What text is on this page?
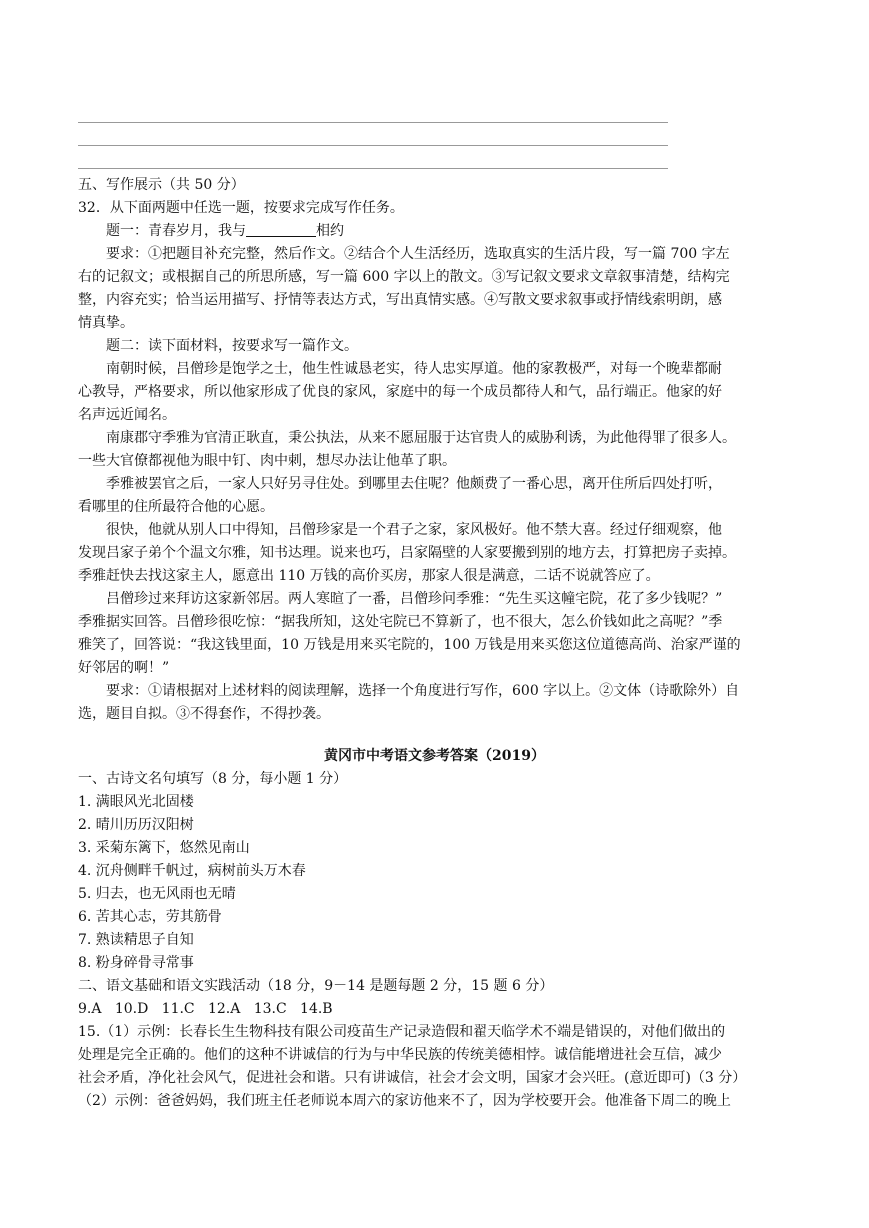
五、写作展示（共 50 分）
32．从下面两题中任选一题，按要求完成写作任务。
题一：青春岁月，我与	相约
要求：①把题目补充完整，然后作文。②结合个人生活经历，选取真实的生活片段，写一篇 700 字左
右的记叙文；或根据自己的所思所感，写一篇 600 字以上的散文。③写记叙文要求文章叙事清楚，结构完
整，内容充实；恰当运用描写、抒情等表达方式，写出真情实感。④写散文要求叙事或抒情线索明朗，感
情真挚。
题二：读下面材料，按要求写一篇作文。
南朝时候，吕僧珍是饱学之士，他生性诚恳老实，待人忠实厚道。他的家教极严，对每一个晚辈都耐
心教导，严格要求，所以他家形成了优良的家风，家庭中的每一个成员都待人和气，品行端正。他家的好
名声远近闻名。
南康郡守季雅为官清正耿直，秉公执法，从来不愿屈服于达官贵人的威胁利诱，为此他得罪了很多人。
一些大官僚都视他为眼中钉、肉中刺，想尽办法让他革了职。
季雅被罢官之后，一家人只好另寻住处。到哪里去住呢？他颇费了一番心思，离开住所后四处打听，
看哪里的住所最符合他的心愿。
很快，他就从别人口中得知，吕僧珍家是一个君子之家，家风极好。他不禁大喜。经过仔细观察，他
发现吕家子弟个个温文尔雅，知书达理。说来也巧，吕家隔壁的人家要搬到别的地方去，打算把房子卖掉。
季雅赶快去找这家主人，愿意出 110 万钱的高价买房，那家人很是满意，二话不说就答应了。
吕僧珍过来拜访这家新邻居。两人寒暄了一番，吕僧珍问季雅：“先生买这幢宅院，花了多少钱呢？”
季雅据实回答。吕僧珍很吃惊：“据我所知，这处宅院已不算新了，也不很大，怎么价钱如此之高呢？”季
雅笑了，回答说：“我这钱里面，10 万钱是用来买宅院的，100 万钱是用来买您这位道德高尚、治家严谨的
好邻居的啊！”
要求：①请根据对上述材料的阅读理解，选择一个角度进行写作，600 字以上。②文体（诗歌除外）自
选，题目自拟。③不得套作，不得抄袭。
黄冈市中考语文参考答案（2019）
一、古诗文名句填写（8 分，每小题 1 分）
1. 满眼风光北固楼
2. 晴川历历汉阳树
3. 采菊东篱下，悠然见南山
4. 沉舟侧畔千帆过，病树前头万木春
5. 归去，也无风雨也无晴
6. 苦其心志，劳其筋骨
7. 熟读精思子自知
8. 粉身碎骨寻常事
二、语文基础和语文实践活动（18 分，9－14 是题每题 2 分，15 题 6 分）
9.A   10.D   11.C   12.A   13.C   14.B
15.（1）示例：长春长生生物科技有限公司疫苗生产记录造假和翟天临学术不端是错误的，对他们做出的
处理是完全正确的。他们的这种不讲诚信的行为与中华民族的传统美德相悖。诚信能增进社会互信，减少
社会矛盾，净化社会风气，促进社会和谐。只有讲诚信，社会才会文明，国家才会兴旺。(意近即可)（3 分）
（2）示例：爸爸妈妈，我们班主任老师说本周六的家访他来不了，因为学校要开会。他准备下周二的晚上
